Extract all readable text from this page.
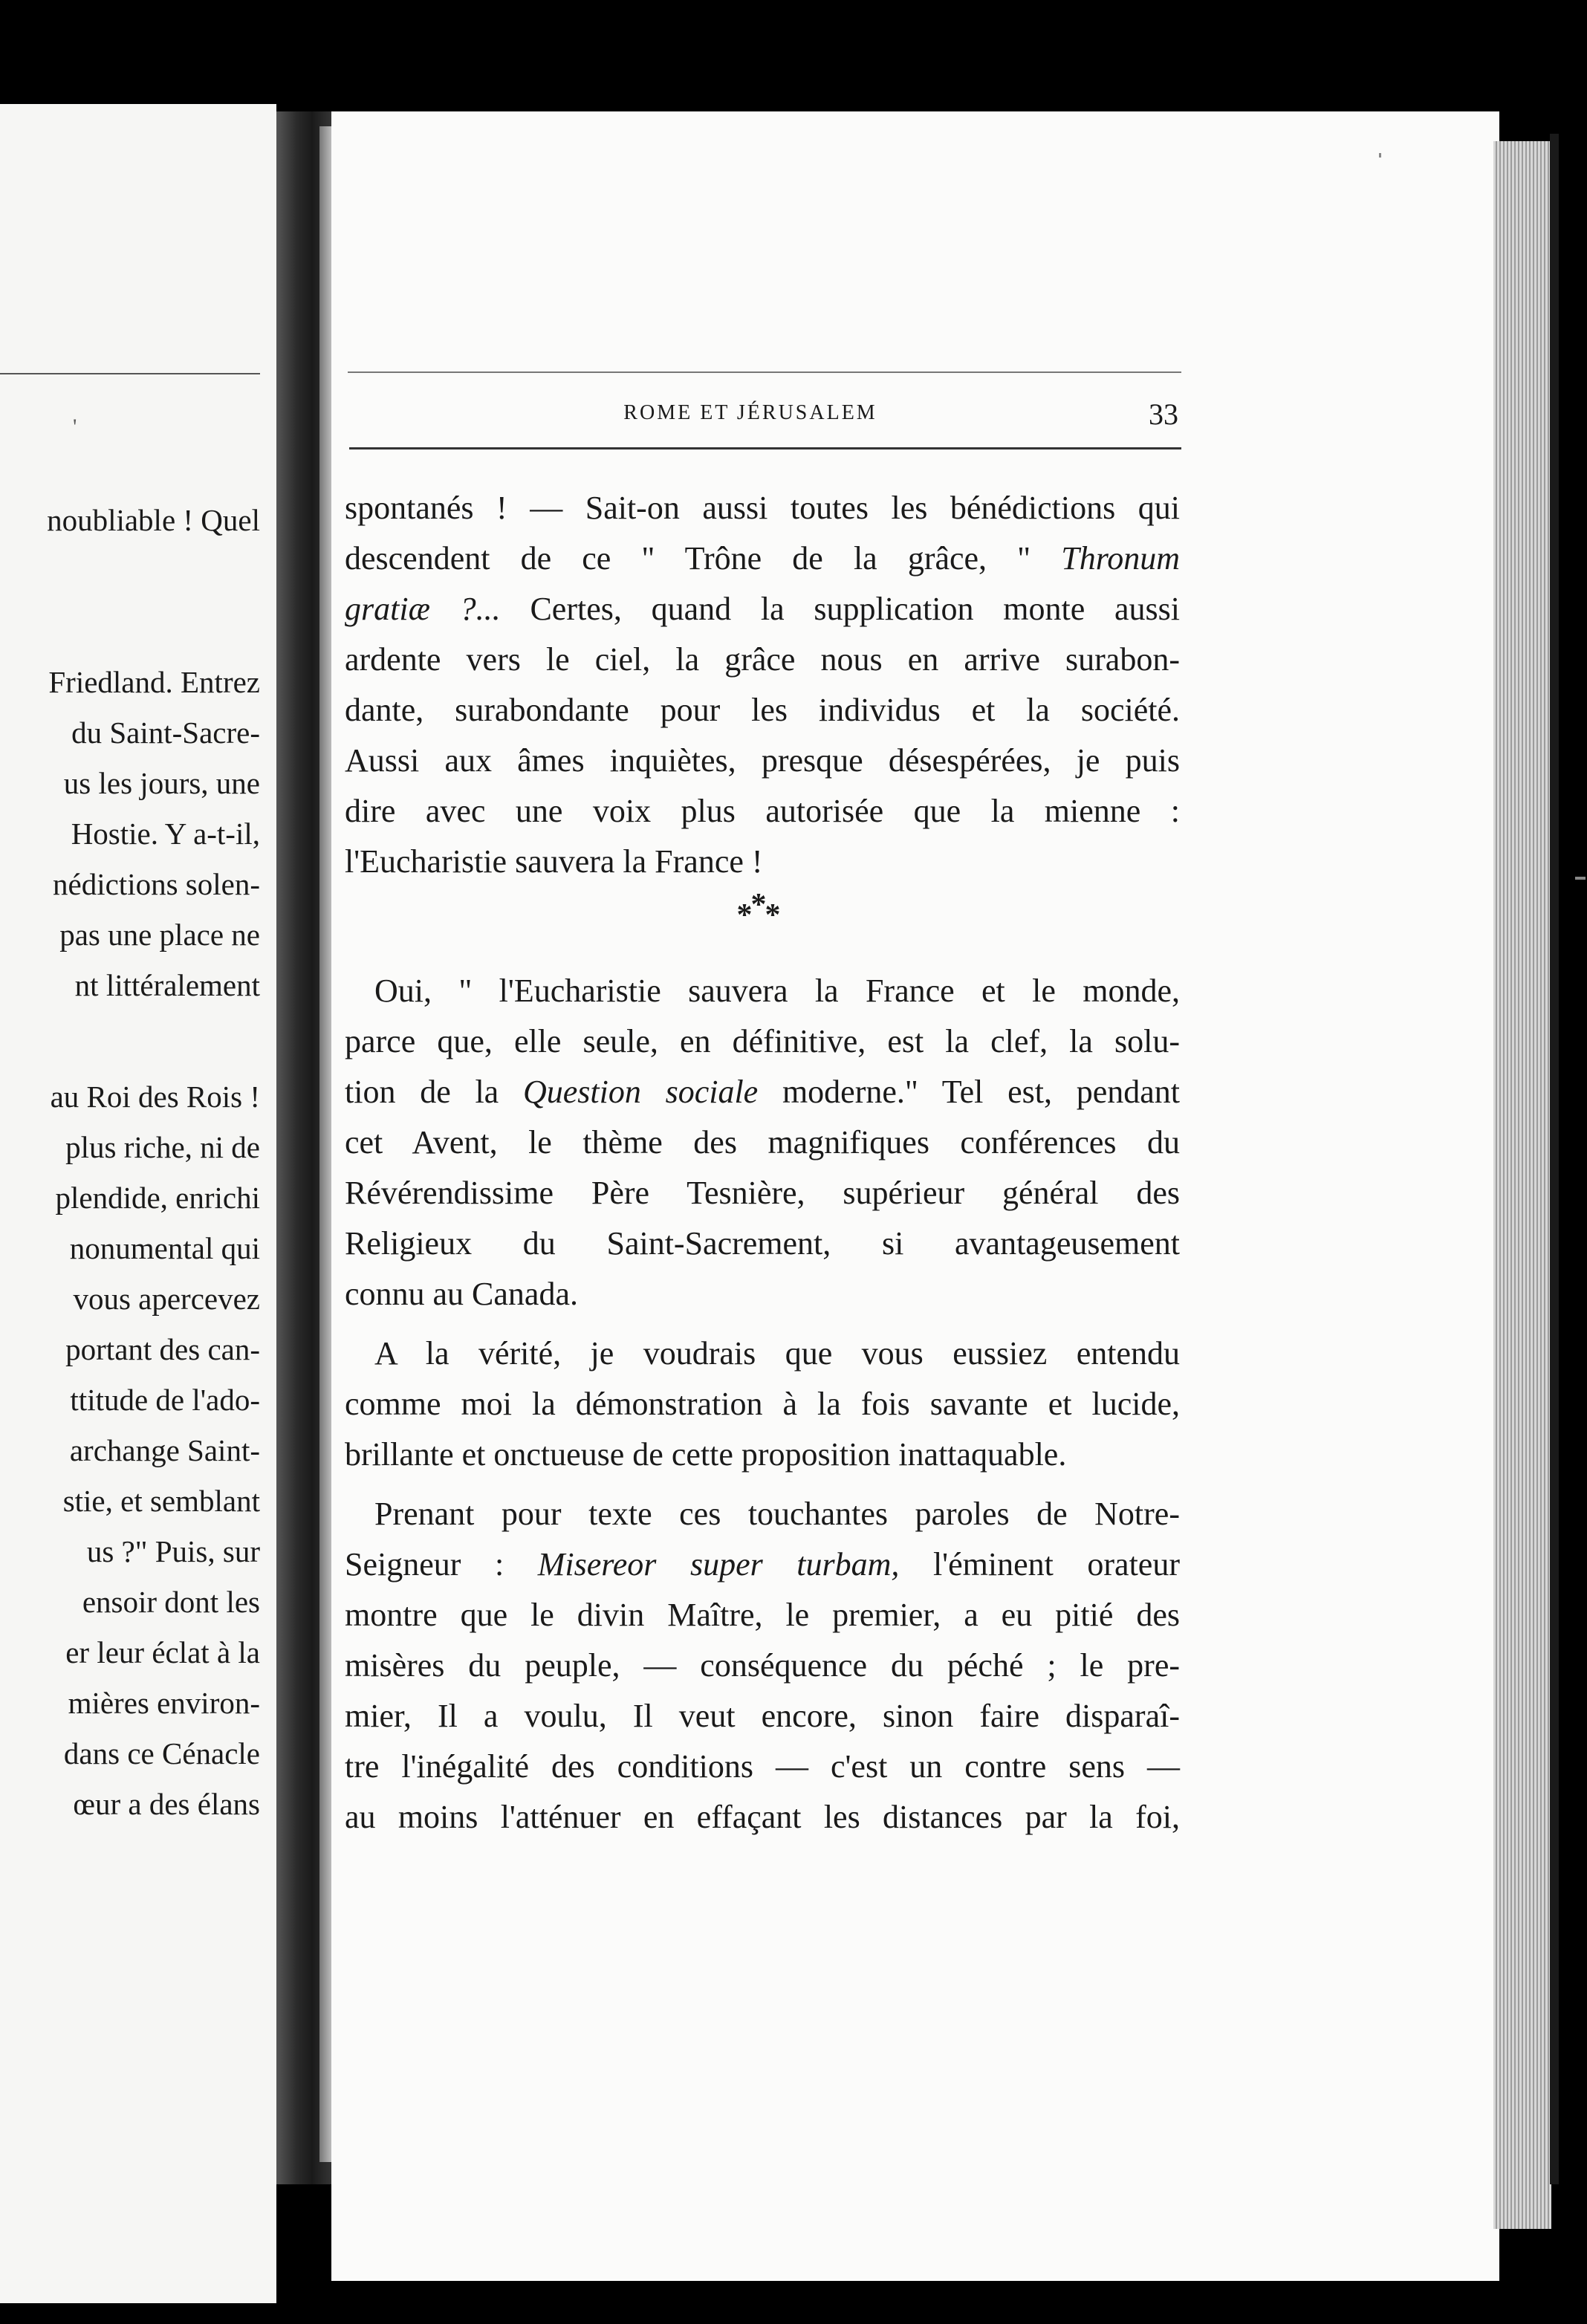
'
noubliable ! Quel
Friedland. Entrez
du Saint-Sacre-
us les jours, une
Hostie. Y a-t-il,
nédictions solen-
pas une place ne
nt littéralement
au Roi des Rois !
plus riche, ni de
plendide, enrichi
nonumental qui
vous apercevez
portant des can-
ttitude de l'ado-
archange Saint-
stie, et semblant
us ?" Puis, sur
ensoir dont les
er leur éclat à la
mières environ-
dans ce Cénacle
œur a des élans
ROME ET JÉRUSALEM	33
spontanés ! — Sait-on aussi toutes les bénédictions qui
descendent de ce " Trône de la grâce, " Thronum
gratiæ ?... Certes, quand la supplication monte aussi
ardente vers le ciel, la grâce nous en arrive surabon-
dante, surabondante pour les individus et la société.
Aussi aux âmes inquiètes, presque désespérées, je puis
dire avec une voix plus autorisée que la mienne :
l'Eucharistie sauvera la France !
***
Oui, " l'Eucharistie sauvera la France et le monde,
parce que, elle seule, en définitive, est la clef, la solu-
tion de la Question sociale moderne." Tel est, pendant
cet Avent, le thème des magnifiques conférences du
Révérendissime Père Tesnière, supérieur général des
Religieux du Saint-Sacrement, si avantageusement
connu au Canada.
A la vérité, je voudrais que vous eussiez entendu
comme moi la démonstration à la fois savante et lucide,
brillante et onctueuse de cette proposition inattaquable.
Prenant pour texte ces touchantes paroles de Notre-
Seigneur : Misereor super turbam, l'éminent orateur
montre que le divin Maître, le premier, a eu pitié des
misères du peuple, — conséquence du péché ; le pre-
mier, Il a voulu, Il veut encore, sinon faire disparaî-
tre l'inégalité des conditions — c'est un contre sens —
au moins l'atténuer en effaçant les distances par la foi,
